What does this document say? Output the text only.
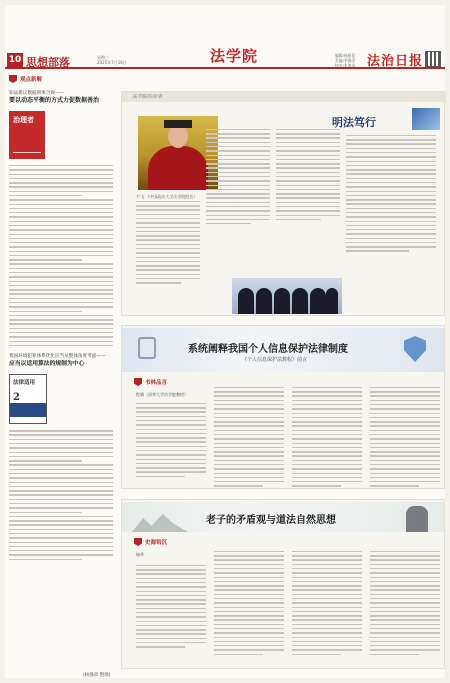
10 思想部落	星期三
2025年7月16日	法学院	编辑/杨维佳
美编/李海萍
校对/张海洋 法治日报
观点新解
知品新议数据刑事合规——
要以动态平衡的方式力促数据善治
治理者
我国环境犯罪体系优化应当从整体角度考虑——
应当以适用算法的规制为中心
法律适用
2
(杨强章 整理)
法学院的故事
明法笃行
尹飞 （中国政法大学法学院院长）
系统阐释我国个人信息保护法律制度
《个人信息保护法教程》前言
书林品言
程啸（清华大学法学院教授）
老子的矛盾观与道法自然思想
史海钩沉
杨华
